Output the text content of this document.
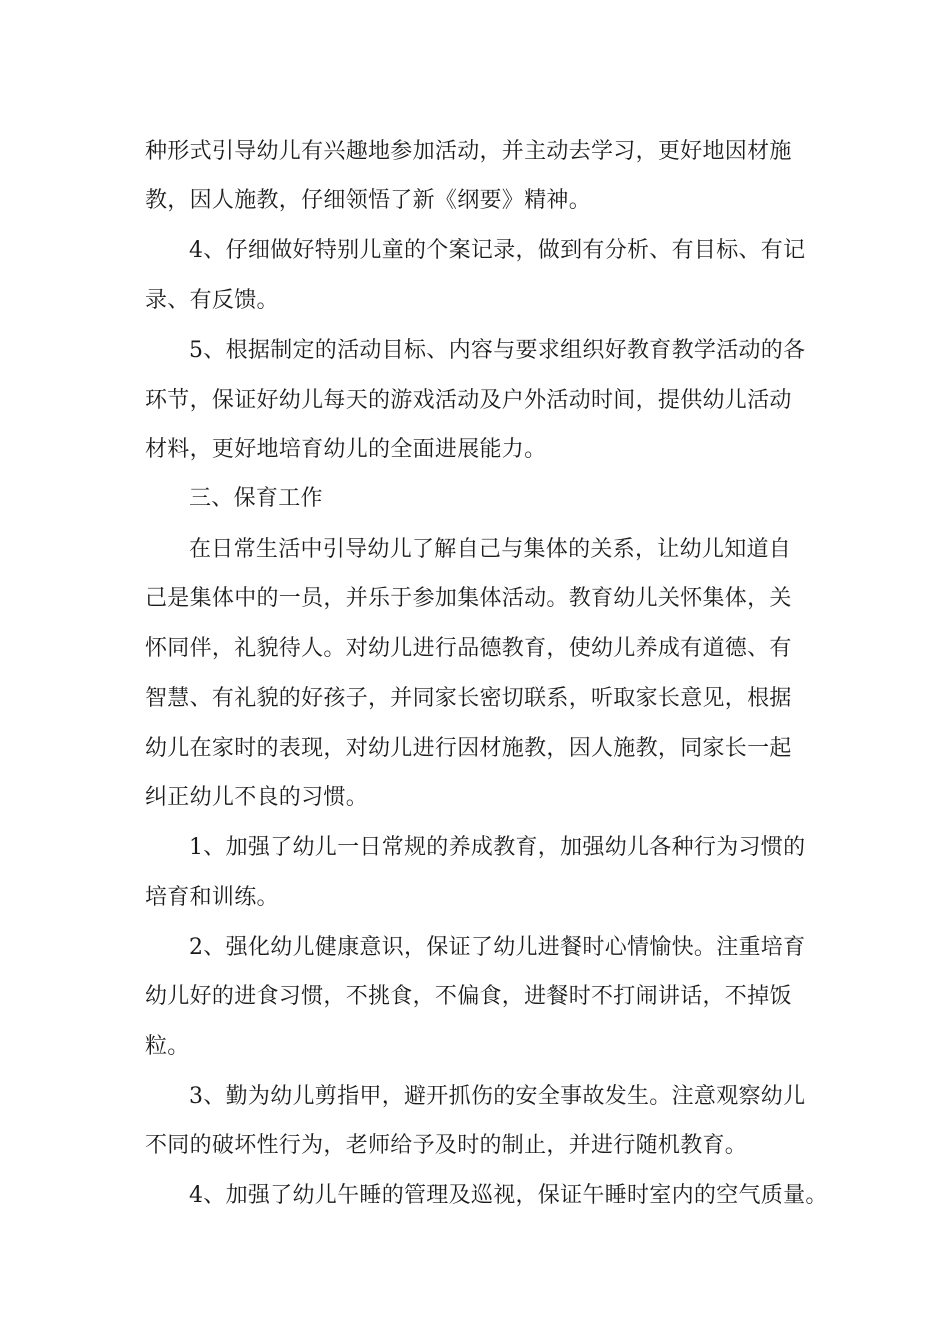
种形式引导幼儿有兴趣地参加活动，并主动去学习，更好地因材施
教，因人施教，仔细领悟了新《纲要》精神。
4、仔细做好特别儿童的个案记录，做到有分析、有目标、有记
录、有反馈。
5、根据制定的活动目标、内容与要求组织好教育教学活动的各
环节，保证好幼儿每天的游戏活动及户外活动时间，提供幼儿活动
材料，更好地培育幼儿的全面进展能力。
三、保育工作
在日常生活中引导幼儿了解自己与集体的关系，让幼儿知道自
己是集体中的一员，并乐于参加集体活动。教育幼儿关怀集体，关
怀同伴，礼貌待人。对幼儿进行品德教育，使幼儿养成有道德、有
智慧、有礼貌的好孩子，并同家长密切联系，听取家长意见，根据
幼儿在家时的表现，对幼儿进行因材施教，因人施教，同家长一起
纠正幼儿不良的习惯。
1、加强了幼儿一日常规的养成教育，加强幼儿各种行为习惯的
培育和训练。
2、强化幼儿健康意识，保证了幼儿进餐时心情愉快。注重培育
幼儿好的进食习惯，不挑食，不偏食，进餐时不打闹讲话，不掉饭
粒。
3、勤为幼儿剪指甲，避开抓伤的安全事故发生。注意观察幼儿
不同的破坏性行为，老师给予及时的制止，并进行随机教育。
4、加强了幼儿午睡的管理及巡视，保证午睡时室内的空气质量。
